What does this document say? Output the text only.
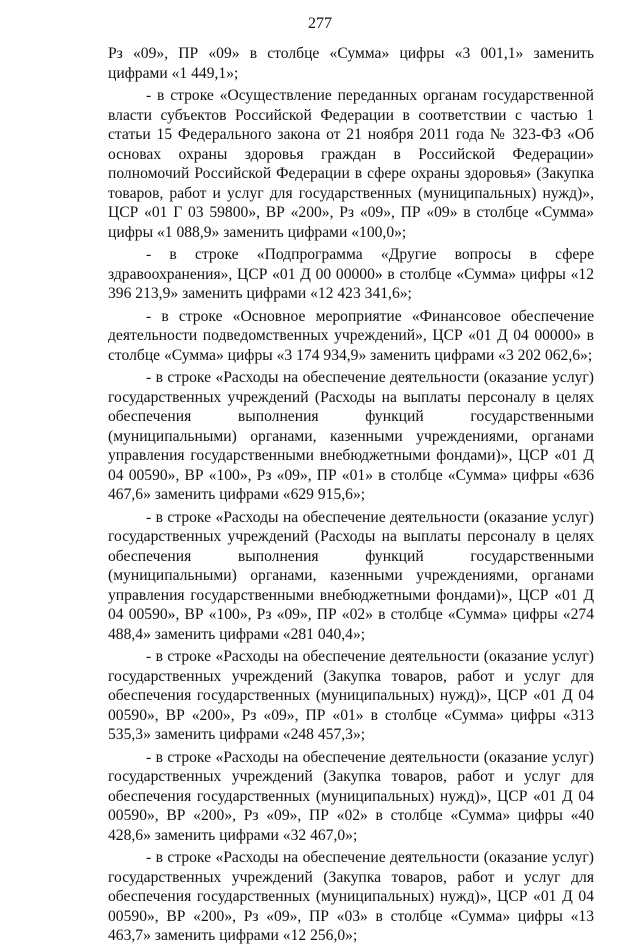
277

Рз «09», ПР «09» в столбце «Сумма» цифры «3 001,1» заменить цифрами «1 449,1»;

- в строке «Осуществление переданных органам государственной власти субъектов Российской Федерации в соответствии с частью 1 статьи 15 Федерального закона от 21 ноября 2011 года № 323-ФЗ «Об основах охраны здоровья граждан в Российской Федерации» полномочий Российской Федерации в сфере охраны здоровья» (Закупка товаров, работ и услуг для государственных (муниципальных) нужд)», ЦСР «01 Г 03 59800», ВР «200», Рз «09», ПР «09» в столбце «Сумма» цифры «1 088,9» заменить цифрами «100,0»;

- в строке «Подпрограмма «Другие вопросы в сфере здравоохранения», ЦСР «01 Д 00 00000» в столбце «Сумма» цифры «12 396 213,9» заменить цифрами «12 423 341,6»;

- в строке «Основное мероприятие «Финансовое обеспечение деятельности подведомственных учреждений», ЦСР «01 Д 04 00000» в столбце «Сумма» цифры «3 174 934,9» заменить цифрами «3 202 062,6»;

- в строке «Расходы на обеспечение деятельности (оказание услуг) государственных учреждений (Расходы на выплаты персоналу в целях обеспечения выполнения функций государственными (муниципальными) органами, казенными учреждениями, органами управления государственными внебюджетными фондами)», ЦСР «01 Д 04 00590», ВР «100», Рз «09», ПР «01» в столбце «Сумма» цифры «636 467,6» заменить цифрами «629 915,6»;

- в строке «Расходы на обеспечение деятельности (оказание услуг) государственных учреждений (Расходы на выплаты персоналу в целях обеспечения выполнения функций государственными (муниципальными) органами, казенными учреждениями, органами управления государственными внебюджетными фондами)», ЦСР «01 Д 04 00590», ВР «100», Рз «09», ПР «02» в столбце «Сумма» цифры «274 488,4» заменить цифрами «281 040,4»;

- в строке «Расходы на обеспечение деятельности (оказание услуг) государственных учреждений (Закупка товаров, работ и услуг для обеспечения государственных (муниципальных) нужд)», ЦСР «01 Д 04 00590», ВР «200», Рз «09», ПР «01» в столбце «Сумма» цифры «313 535,3» заменить цифрами «248 457,3»;

- в строке «Расходы на обеспечение деятельности (оказание услуг) государственных учреждений (Закупка товаров, работ и услуг для обеспечения государственных (муниципальных) нужд)», ЦСР «01 Д 04 00590», ВР «200», Рз «09», ПР «02» в столбце «Сумма» цифры «40 428,6» заменить цифрами «32 467,0»;

- в строке «Расходы на обеспечение деятельности (оказание услуг) государственных учреждений (Закупка товаров, работ и услуг для обеспечения государственных (муниципальных) нужд)», ЦСР «01 Д 04 00590», ВР «200», Рз «09», ПР «03» в столбце «Сумма» цифры «13 463,7» заменить цифрами «12 256,0»;
